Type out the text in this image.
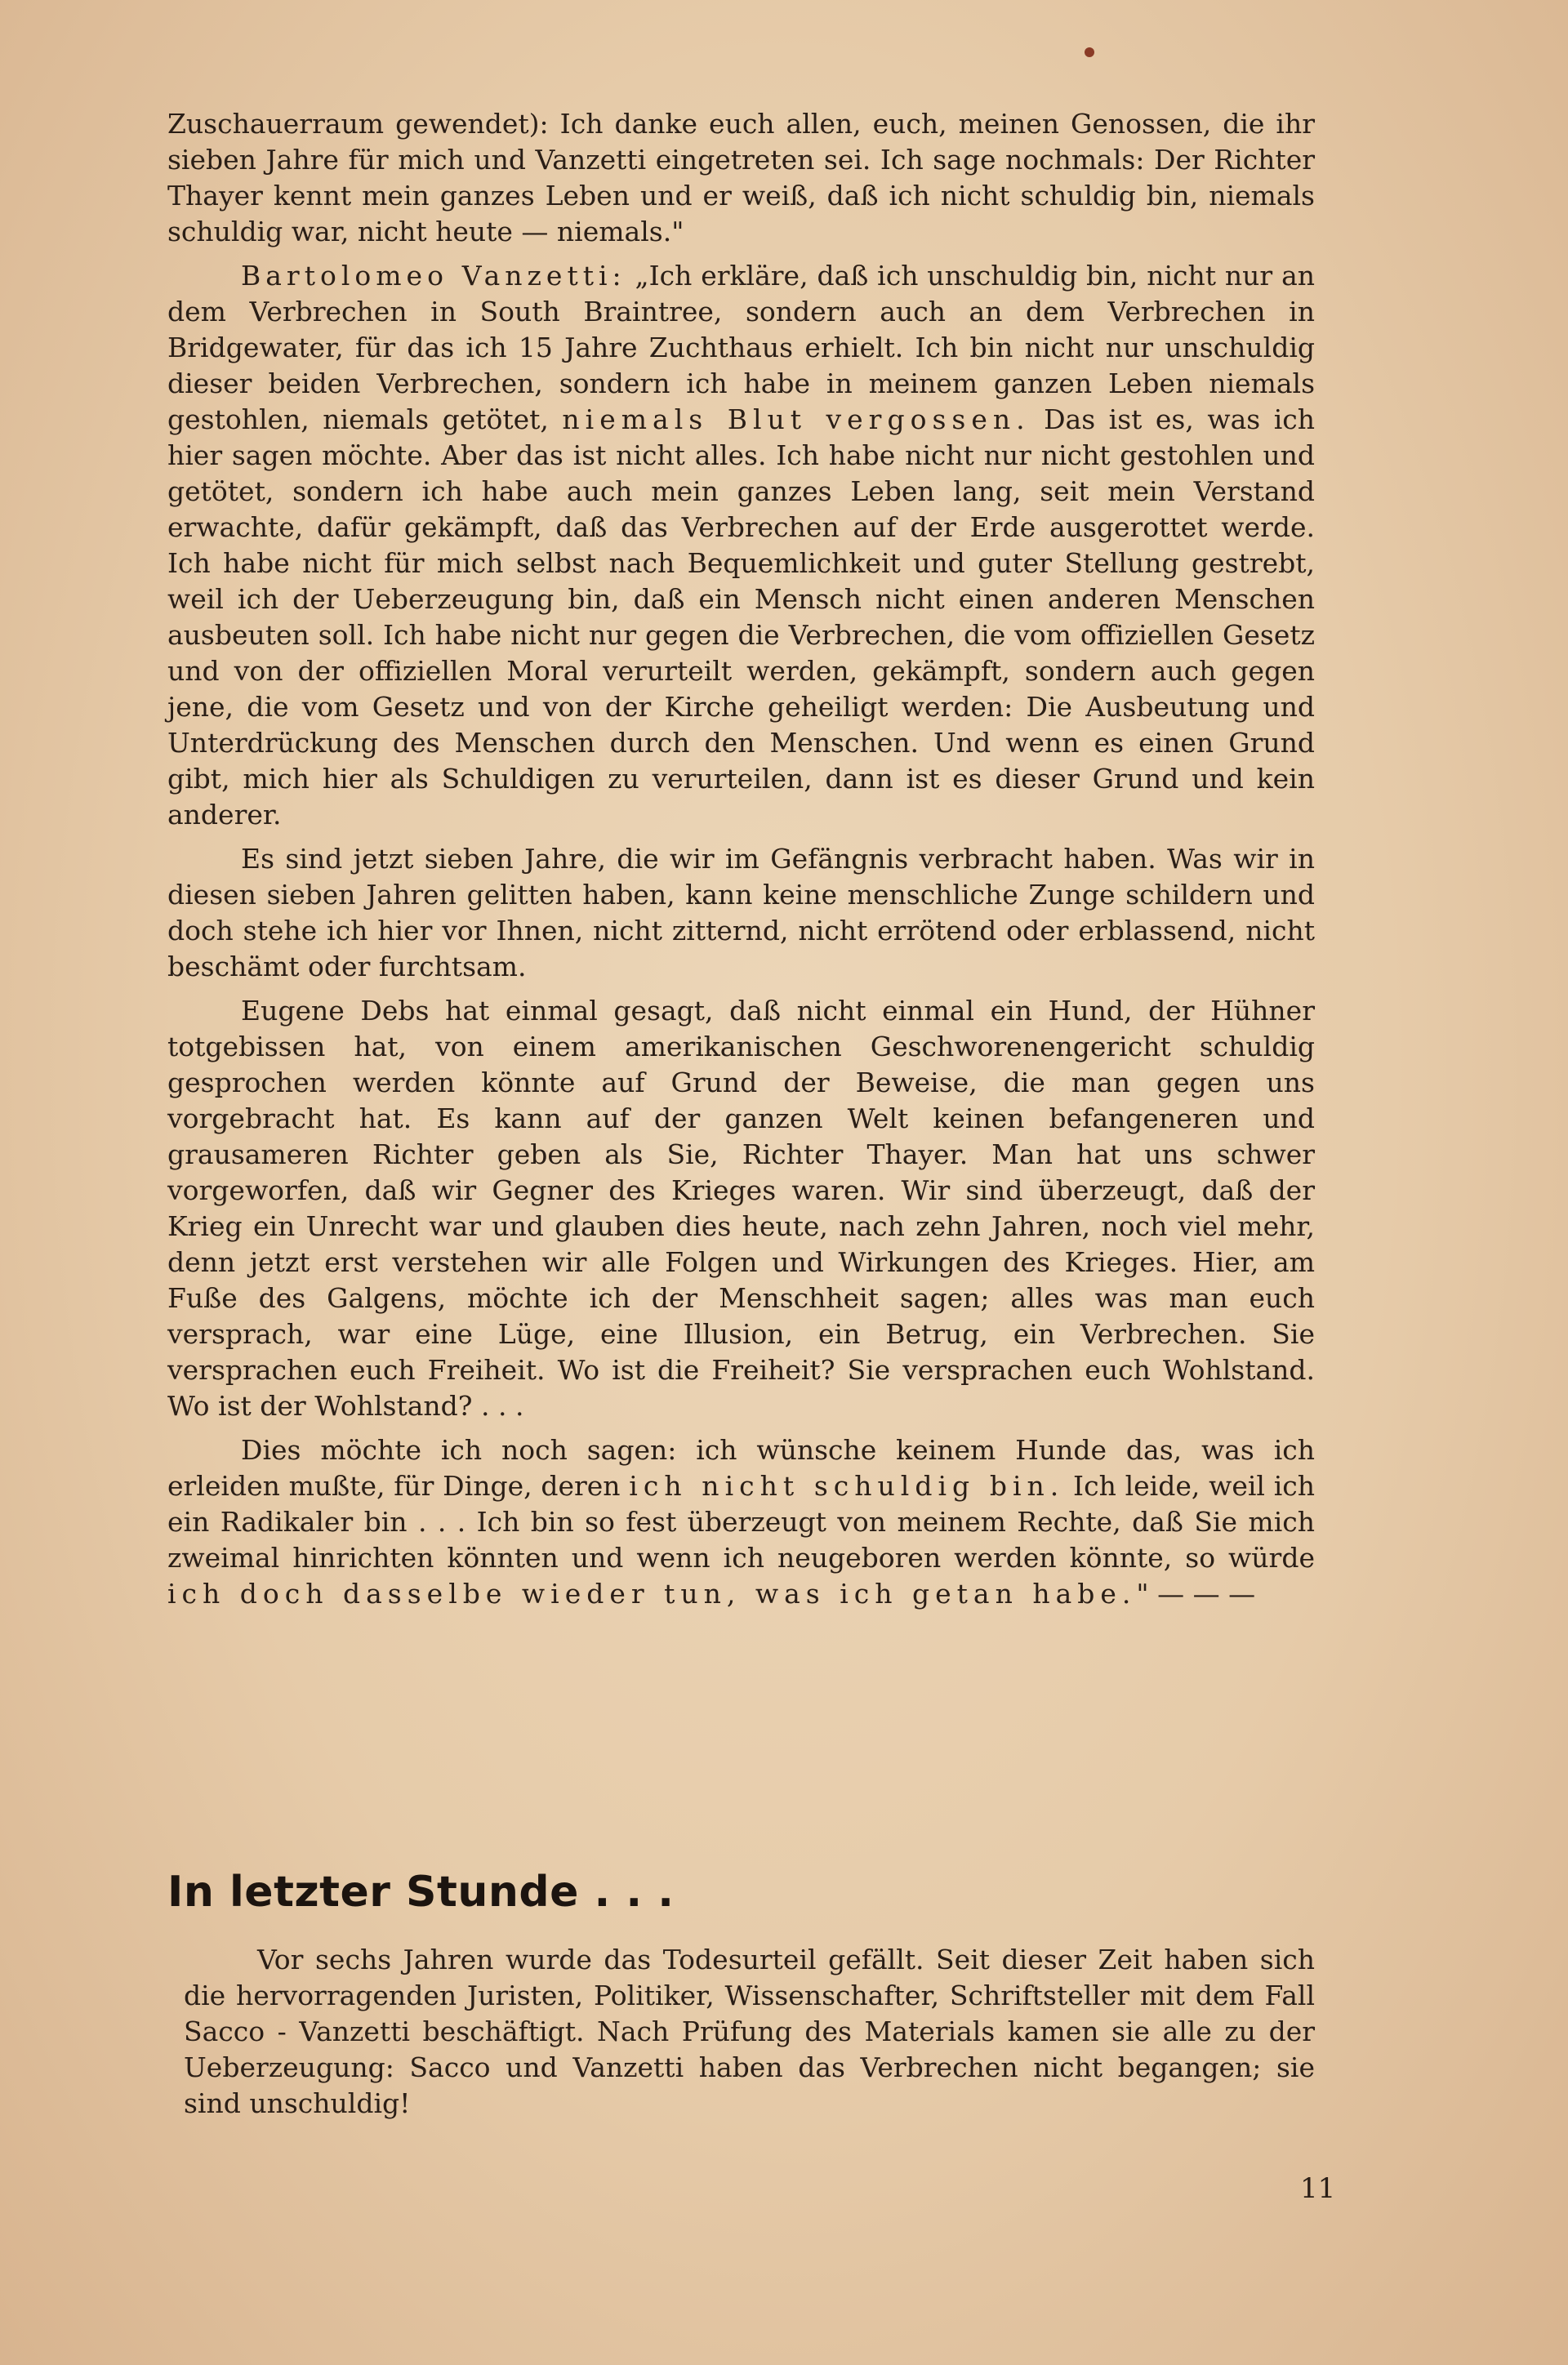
Zuschauerraum gewendet): Ich danke euch allen, euch, meinen Genossen, die ihr sieben Jahre für mich und Vanzetti eingetreten sei. Ich sage nochmals: Der Richter Thayer kennt mein ganzes Leben und er weiß, daß ich nicht schuldig bin, niemals schuldig war, nicht heute — niemals."

Bartolomeo Vanzetti: „Ich erkläre, daß ich unschuldig bin, nicht nur an dem Verbrechen in South Braintree, sondern auch an dem Verbrechen in Bridgewater, für das ich 15 Jahre Zuchthaus erhielt. Ich bin nicht nur unschuldig dieser beiden Verbrechen, sondern ich habe in meinem ganzen Leben niemals gestohlen, niemals getötet, niemals Blut vergossen. Das ist es, was ich hier sagen möchte. Aber das ist nicht alles. Ich habe nicht nur nicht gestohlen und getötet, sondern ich habe auch mein ganzes Leben lang, seit mein Verstand erwachte, dafür gekämpft, daß das Verbrechen auf der Erde ausgerottet werde. Ich habe nicht für mich selbst nach Bequemlichkeit und guter Stellung gestrebt, weil ich der Ueberzeugung bin, daß ein Mensch nicht einen anderen Menschen ausbeuten soll. Ich habe nicht nur gegen die Verbrechen, die vom offiziellen Gesetz und von der offiziellen Moral verurteilt werden, gekämpft, sondern auch gegen jene, die vom Gesetz und von der Kirche geheiligt werden: Die Ausbeutung und Unterdrückung des Menschen durch den Menschen. Und wenn es einen Grund gibt, mich hier als Schuldigen zu verurteilen, dann ist es dieser Grund und kein anderer.

Es sind jetzt sieben Jahre, die wir im Gefängnis verbracht haben. Was wir in diesen sieben Jahren gelitten haben, kann keine menschliche Zunge schildern und doch stehe ich hier vor Ihnen, nicht zitternd, nicht errötend oder erblassend, nicht beschämt oder furchtsam.

Eugene Debs hat einmal gesagt, daß nicht einmal ein Hund, der Hühner totgebissen hat, von einem amerikanischen Geschworenengericht schuldig gesprochen werden könnte auf Grund der Beweise, die man gegen uns vorgebracht hat. Es kann auf der ganzen Welt keinen befangeneren und grausameren Richter geben als Sie, Richter Thayer. Man hat uns schwer vorgeworfen, daß wir Gegner des Krieges waren. Wir sind überzeugt, daß der Krieg ein Unrecht war und glauben dies heute, nach zehn Jahren, noch viel mehr, denn jetzt erst verstehen wir alle Folgen und Wirkungen des Krieges. Hier, am Fuße des Galgens, möchte ich der Menschheit sagen; alles was man euch versprach, war eine Lüge, eine Illusion, ein Betrug, ein Verbrechen. Sie versprachen euch Freiheit. Wo ist die Freiheit? Sie versprachen euch Wohlstand. Wo ist der Wohlstand? . . .

Dies möchte ich noch sagen: ich wünsche keinem Hunde das, was ich erleiden mußte, für Dinge, deren ich nicht schuldig bin. Ich leide, weil ich ein Radikaler bin . . . Ich bin so fest überzeugt von meinem Rechte, daß Sie mich zweimal hinrichten könnten und wenn ich neugeboren werden könnte, so würde ich doch dasselbe wieder tun, was ich getan habe." — — —

In letzter Stunde . . .

Vor sechs Jahren wurde das Todesurteil gefällt. Seit dieser Zeit haben sich die hervorragenden Juristen, Politiker, Wissenschafter, Schriftsteller mit dem Fall Sacco - Vanzetti beschäftigt. Nach Prüfung des Materials kamen sie alle zu der Ueberzeugung: Sacco und Vanzetti haben das Verbrechen nicht begangen; sie sind unschuldig!

11
